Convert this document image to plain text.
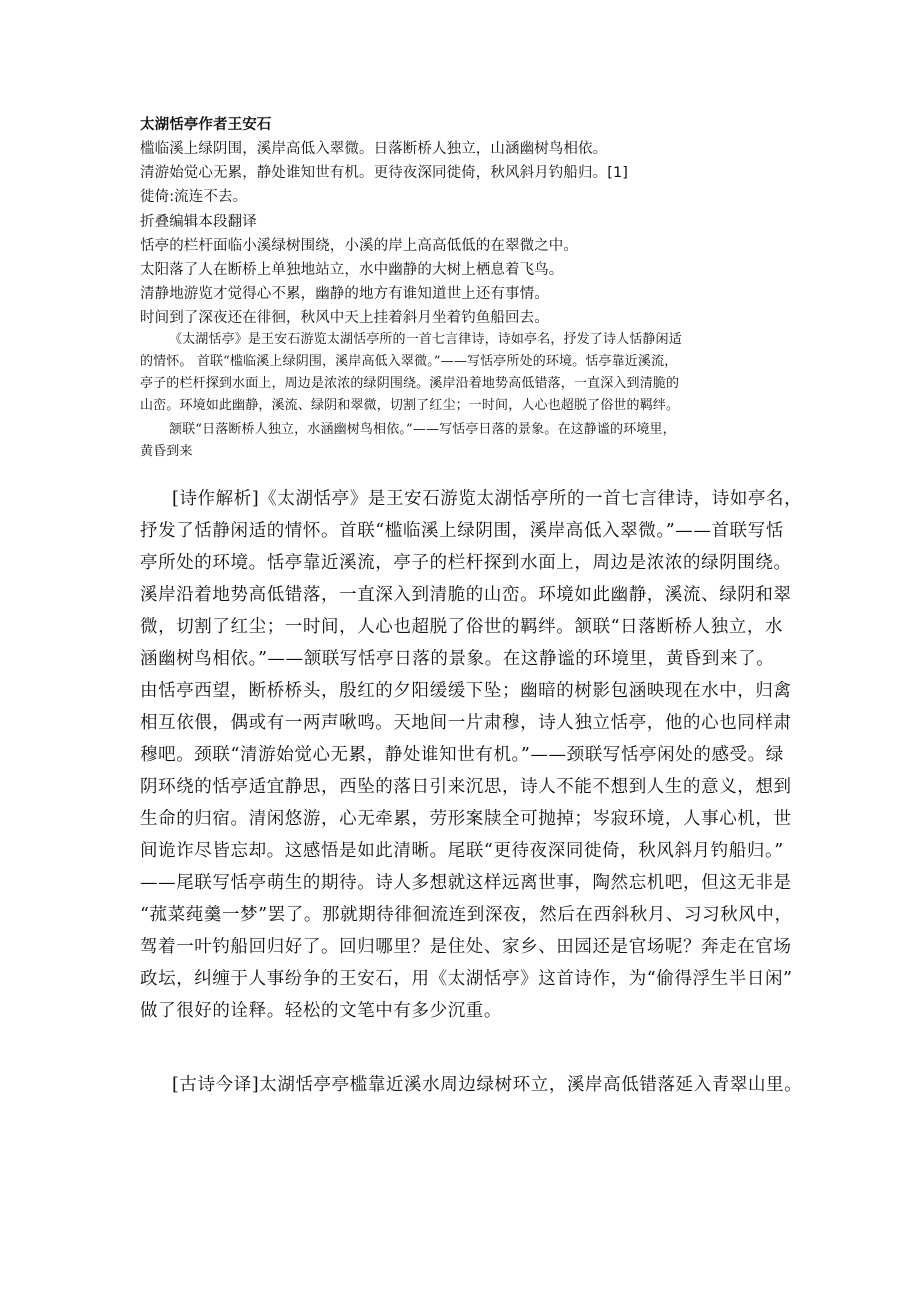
太湖恬亭作者王安石

槛临溪上绿阴围，溪岸高低入翠微。日落断桥人独立，山涵幽树鸟相依。

清游始觉心无累，静处谁知世有机。更待夜深同徙倚，秋风斜月钓船归。[1]

徙倚:流连不去。

折叠编辑本段翻译

恬亭的栏杆面临小溪绿树围绕，小溪的岸上高高低低的在翠微之中。

太阳落了人在断桥上单独地站立，水中幽静的大树上栖息着飞鸟。

清静地游览才觉得心不累，幽静的地方有谁知道世上还有事情。

时间到了深夜还在徘徊，秋风中天上挂着斜月坐着钓鱼船回去。

《太湖恬亭》是王安石游览太湖恬亭所的一首七言律诗，诗如亭名，抒发了诗人恬静闲适

的情怀。 首联“槛临溪上绿阴围，溪岸高低入翠微。”——写恬亭所处的环境。恬亭靠近溪流，

亭子的栏杆探到水面上，周边是浓浓的绿阴围绕。溪岸沿着地势高低错落，一直深入到清脆的

山峦。环境如此幽静，溪流、绿阴和翠微，切割了红尘；一时间，人心也超脱了俗世的羁绊。

颔联“日落断桥人独立，水涵幽树鸟相依。”——写恬亭日落的景象。在这静谧的环境里，

黄昏到来

[诗作解析]《太湖恬亭》是王安石游览太湖恬亭所的一首七言律诗，诗如亭名，

抒发了恬静闲适的情怀。首联“槛临溪上绿阴围，溪岸高低入翠微。”——首联写恬

亭所处的环境。恬亭靠近溪流，亭子的栏杆探到水面上，周边是浓浓的绿阴围绕。

溪岸沿着地势高低错落，一直深入到清脆的山峦。环境如此幽静，溪流、绿阴和翠

微，切割了红尘；一时间，人心也超脱了俗世的羁绊。颔联“日落断桥人独立，水

涵幽树鸟相依。”——颔联写恬亭日落的景象。在这静谧的环境里，黄昏到来了。

由恬亭西望，断桥桥头，殷红的夕阳缓缓下坠；幽暗的树影包涵映现在水中，归禽

相互依偎，偶或有一两声啾鸣。天地间一片肃穆，诗人独立恬亭，他的心也同样肃

穆吧。颈联“清游始觉心无累，静处谁知世有机。”——颈联写恬亭闲处的感受。绿

阴环绕的恬亭适宜静思，西坠的落日引来沉思，诗人不能不想到人生的意义，想到

生命的归宿。清闲悠游，心无牵累，劳形案牍全可抛掉；岑寂环境，人事心机，世

间诡诈尽皆忘却。这感悟是如此清晰。尾联“更待夜深同徙倚，秋风斜月钓船归。”

——尾联写恬亭萌生的期待。诗人多想就这样远离世事，陶然忘机吧，但这无非是

“菰菜莼羹一梦”罢了。那就期待徘徊流连到深夜，然后在西斜秋月、习习秋风中，

驾着一叶钓船回归好了。回归哪里？是住处、家乡、田园还是官场呢？奔走在官场

政坛，纠缠于人事纷争的王安石，用《太湖恬亭》这首诗作，为“偷得浮生半日闲”

做了很好的诠释。轻松的文笔中有多少沉重。

[古诗今译]太湖恬亭亭槛靠近溪水周边绿树环立，溪岸高低错落延入青翠山里。
